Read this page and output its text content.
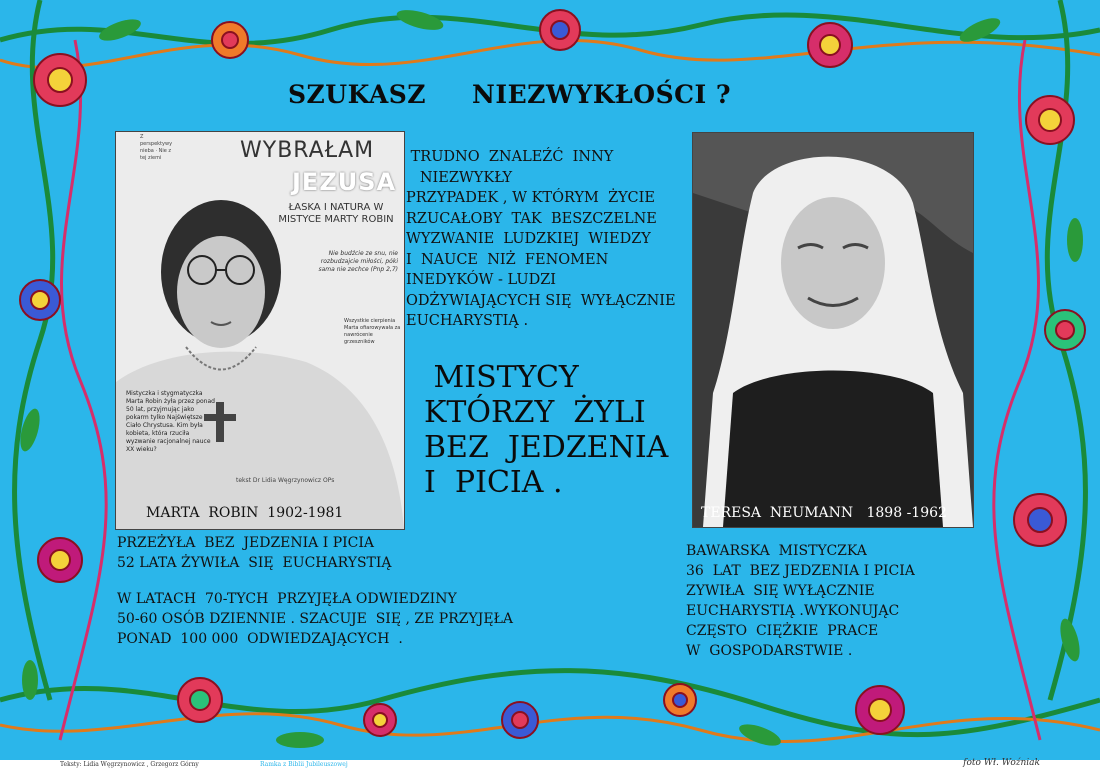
SZUKASZ     NIEZWYKŁOŚCI ?
Z perspektywy nieba · Nie z tej ziemi	WYBRAŁAM
JEZUSA
ŁASKA I NATURA W MISTYCE MARTY ROBIN
Nie budźcie ze snu, nie rozbudzajcie miłości, póki sama nie zechce (Pnp 2,7)
Wszystkie cierpienia Marta ofiarowywała za nawrócenie grzeszników
Mistyczka i stygmatyczka Marta Robin żyła przez ponad 50 lat, przyjmując jako pokarm tylko Najświętsze Ciało Chrystusa. Kim była kobieta, która rzuciła wyzwanie racjonalnej nauce XX wieku?
tekst Dr Lidia Węgrzynowicz OPs
MARTA  ROBIN  1902-1981
TRUDNO  ZNALEŹĆ  INNY
NIEZWYKŁY
PRZYPADEK , W KTÓRYM  ŻYCIE
RZUCAŁOBY  TAK  BESZCZELNE
WYZWANIE  LUDZKIEJ  WIEDZY
I  NAUCE  NIŻ  FENOMEN
INEDYKÓW - LUDZI
ODŻYWIAJĄCYCH SIĘ  WYŁĄCZNIE
EUCHARYSTIĄ .
MISTYCY
KTÓRZY  ŻYLI
BEZ  JEDZENIA
I  PICIA .
TERESA  NEUMANN   1898 -1962
PRZEŻYŁA  BEZ  JEDZENIA I PICIA
52 LATA ŻYWIŁA  SIĘ  EUCHARYSTIĄ
W LATACH  70-TYCH  PRZYJĘŁA ODWIEDZINY
50-60 OSÓB DZIENNIE . SZACUJE  SIĘ , ZE PRZYJĘŁA
PONAD  100 000  ODWIEDZAJĄCYCH  .
BAWARSKA  MISTYCZKA
36  LAT  BEZ JEDZENIA I PICIA
ZYWIŁA  SIĘ WYŁĄCZNIE
EUCHARYSTIĄ .WYKONUJĄC
CZĘSTO  CIĘŻKIE  PRACE
W  GOSPODARSTWIE .
Teksty: Lidia Węgrzynowicz , Grzegorz Górny	Ramka z Biblii Jubileuszowej	foto Wł. Woźniak
